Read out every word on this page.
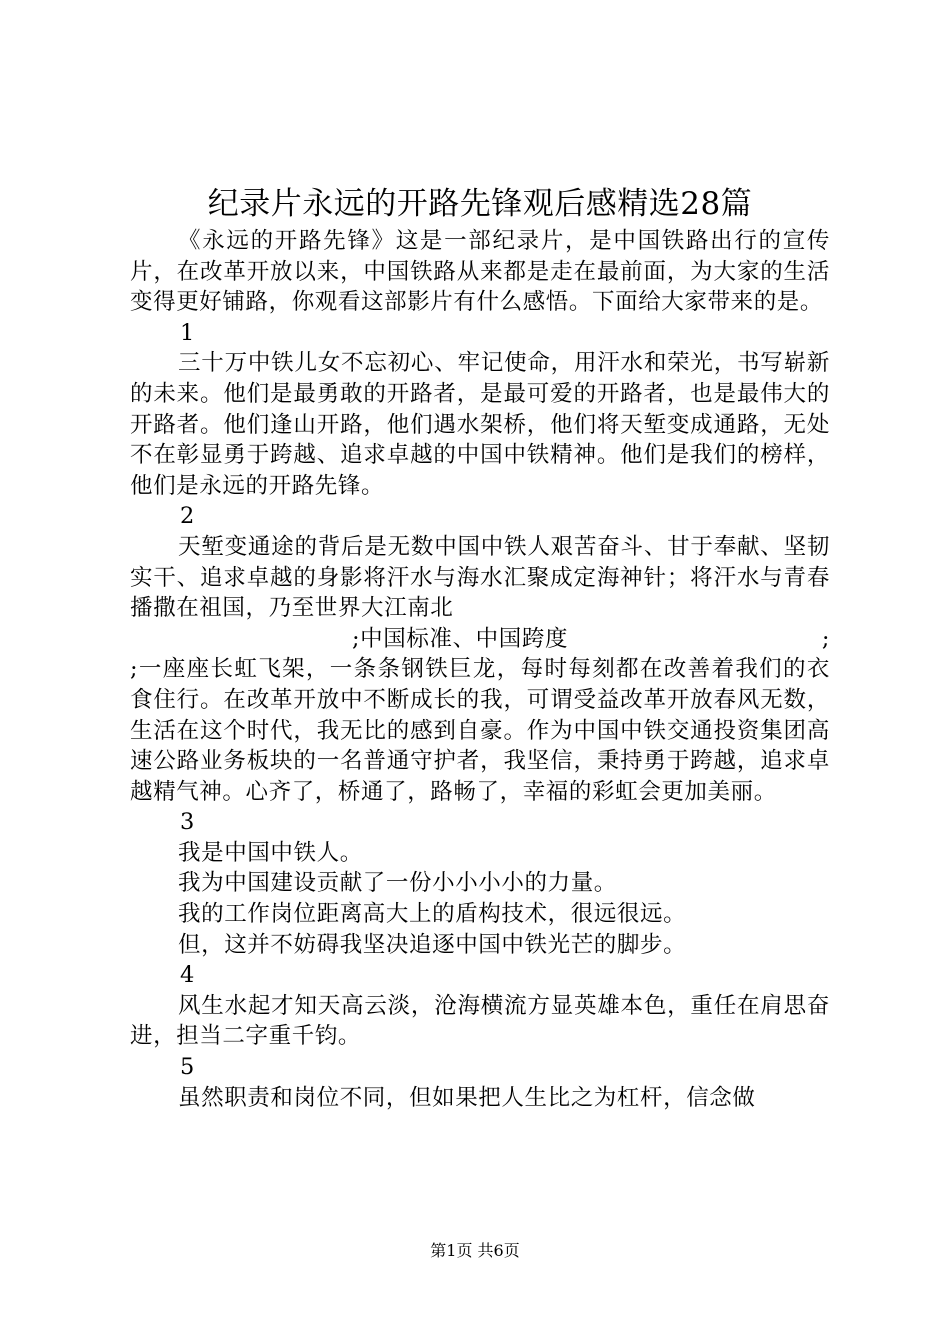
纪录片永远的开路先锋观后感精选28篇

《永远的开路先锋》这是一部纪录片，是中国铁路出行的宣传片，在改革开放以来，中国铁路从来都是走在最前面，为大家的生活变得更好铺路，你观看这部影片有什么感悟。下面给大家带来的是。

1

三十万中铁儿女不忘初心、牢记使命，用汗水和荣光，书写崭新的未来。他们是最勇敢的开路者，是最可爱的开路者，也是最伟大的开路者。他们逢山开路，他们遇水架桥，他们将天堑变成通路，无处不在彰显勇于跨越、追求卓越的中国中铁精神。他们是我们的榜样，他们是永远的开路先锋。

2

天堑变通途的背后是无数中国中铁人艰苦奋斗、甘于奉献、坚韧实干、追求卓越的身影将汗水与海水汇聚成定海神针；将汗水与青春播撒在祖国，乃至世界大江南北

;中国标准、中国跨度	;

;一座座长虹飞架，一条条钢铁巨龙，每时每刻都在改善着我们的衣食住行。在改革开放中不断成长的我，可谓受益改革开放春风无数，生活在这个时代，我无比的感到自豪。作为中国中铁交通投资集团高速公路业务板块的一名普通守护者，我坚信，秉持勇于跨越，追求卓越精气神。心齐了，桥通了，路畅了，幸福的彩虹会更加美丽。

3

我是中国中铁人。

我为中国建设贡献了一份小小小小的力量。

我的工作岗位距离高大上的盾构技术，很远很远。

但，这并不妨碍我坚决追逐中国中铁光芒的脚步。

4

风生水起才知天高云淡，沧海横流方显英雄本色，重任在肩思奋进，担当二字重千钧。

5

虽然职责和岗位不同，但如果把人生比之为杠杆，信念做

第1页 共6页
